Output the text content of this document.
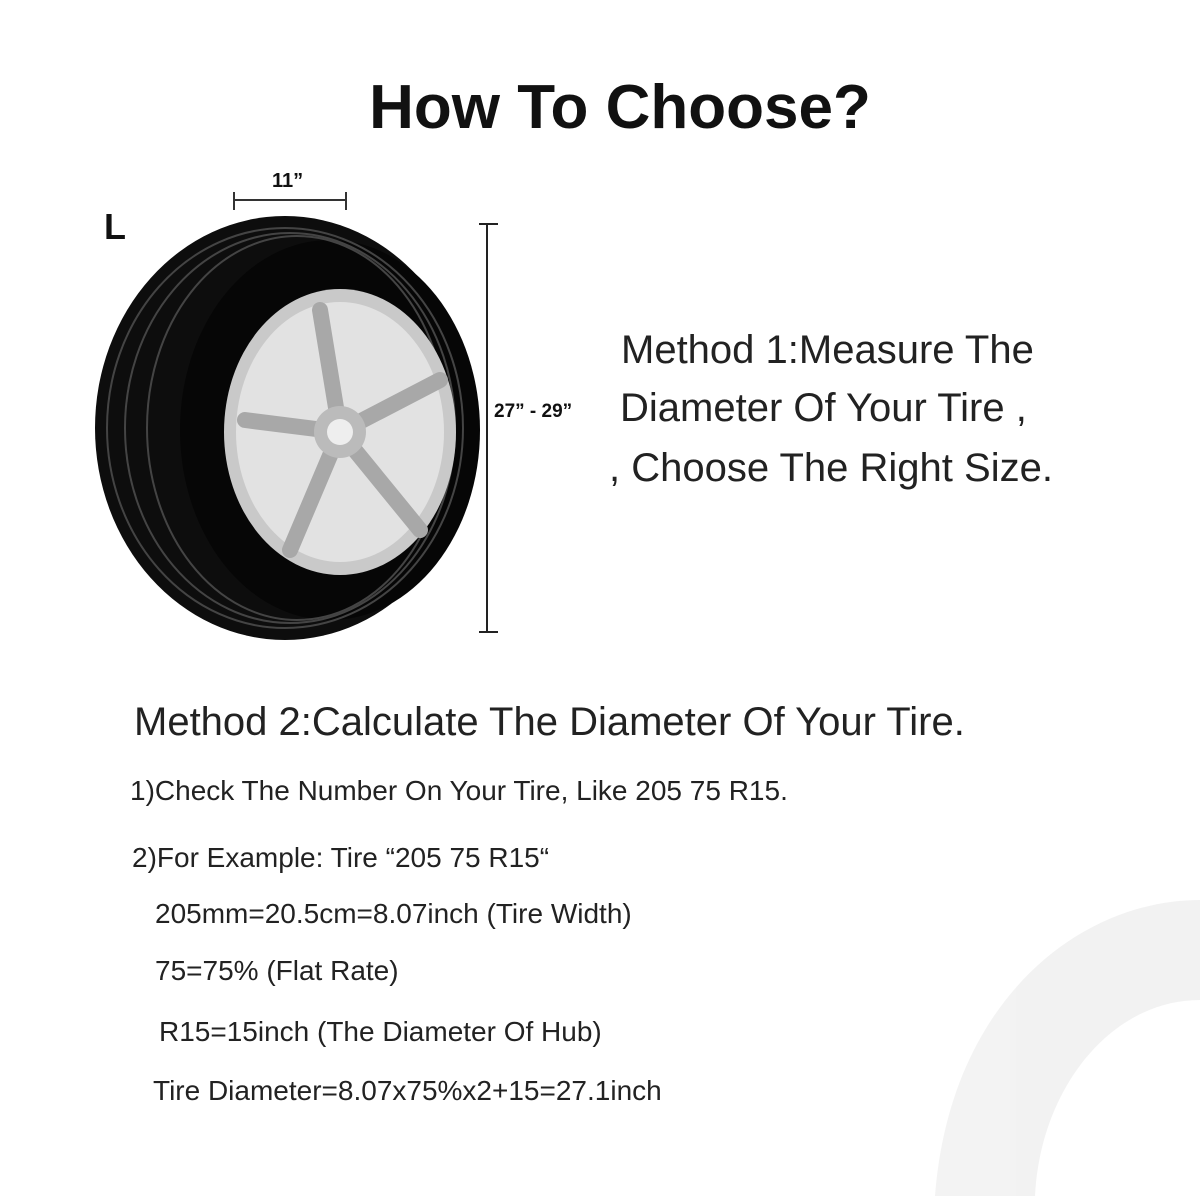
How To Choose?
L
11”
27” - 29”
Method 1:Measure The
Diameter Of Your Tire ,
, Choose The Right Size.
Method 2:Calculate The Diameter Of Your Tire.
1)Check The Number On Your Tire, Like 205 75 R15.
2)For Example: Tire “205 75 R15“
205mm=20.5cm=8.07inch (Tire Width)
75=75% (Flat Rate)
R15=15inch (The Diameter Of Hub)
Tire Diameter=8.07x75%x2+15=27.1inch
